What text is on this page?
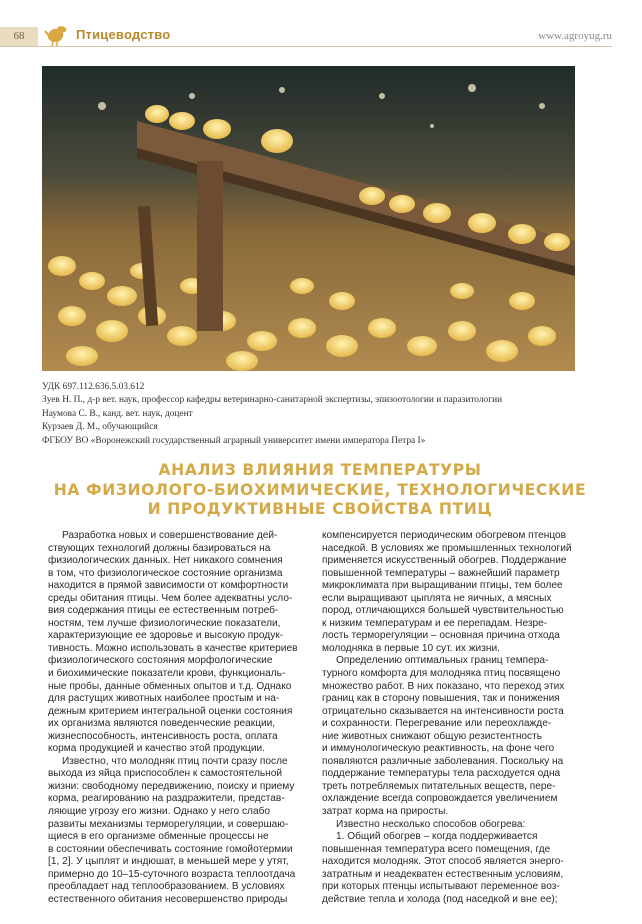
68	Птицеводство	www.agroyug.ru
УДК 697.112.636.5.03.612
Зуев Н. П., д-р вет. наук, профессор кафедры ветеринарно-санитарной экспертизы, эпизоотологии и паразитологии
Наумова С. В., канд. вет. наук, доцент
Курзаев Д. М., обучающийся
ФГБОУ ВО «Воронежский государственный аграрный университет имени императора Петра I»
АНАЛИЗ ВЛИЯНИЯ ТЕМПЕРАТУРЫ
НА ФИЗИОЛОГО-БИОХИМИЧЕСКИЕ, ТЕХНОЛОГИЧЕСКИЕ
И ПРОДУКТИВНЫЕ СВОЙСТВА ПТИЦ
Разработка новых и совершенствование дей-
ствующих технологий должны базироваться на
физиологических данных. Нет никакого сомнения
в том, что физиологическое состояние организма
находится в прямой зависимости от комфортности
среды обитания птицы. Чем более адекватны усло-
вия содержания птицы ее естественным потреб-
ностям, тем лучше физиологические показатели,
характеризующие ее здоровье и высокую продук-
тивность. Можно использовать в качестве критериев
физиологического состояния морфологические
и биохимические показатели крови, функциональ-
ные пробы, данные обменных опытов и т.д. Однако
для растущих животных наиболее простым и на-
дежным критерием интегральной оценки состояния
их организма являются поведенческие реакции,
жизнеспособность, интенсивность роста, оплата
корма продукцией и качество этой продукции.
Известно, что молодняк птиц почти сразу после
выхода из яйца приспособлен к самостоятельной
жизни: свободному передвижению, поиску и приему
корма, реагированию на раздражители, представ-
ляющие угрозу его жизни. Однако у него слабо
развиты механизмы терморегуляции, и совершаю-
щиеся в его организме обменные процессы не
в состоянии обеспечивать состояние гомойотермии
[1, 2]. У цыплят и индюшат, в меньшей мере у утят,
примерно до 10–15-суточного возраста теплоотдача
преобладает над теплообразованием. В условиях
естественного обитания несовершенство природы
компенсируется периодическим обогревом птенцов
наседкой. В условиях же промышленных технологий
применяется искусственный обогрев. Поддержание
повышенной температуры – важнейший параметр
микроклимата при выращивании птицы, тем более
если выращивают цыплята не яичных, а мясных
пород, отличающихся большей чувствительностью
к низким температурам и ее перепадам. Незре-
лость терморегуляции – основная причина отхода
молодняка в первые 10 сут. их жизни.
Определению оптимальных границ темпера-
турного комфорта для молодняка птиц посвящено
множество работ. В них показано, что переход этих
границ как в сторону повышения, так и понижения
отрицательно сказывается на интенсивности роста
и сохранности. Перегревание или переохлажде-
ние животных снижают общую резистентность
и иммунологическую реактивность, на фоне чего
появляются различные заболевания. Поскольку на
поддержание температуры тела расходуется одна
треть потребляемых питательных веществ, пере-
охлаждение всегда сопровождается увеличением
затрат корма на приросты.
Известно несколько способов обогрева:
1. Общий обогрев – когда поддерживается
повышенная температура всего помещения, где
находится молодняк. Этот способ является энерго-
затратным и неадекватен естественным условиям,
при которых птенцы испытывают переменное воз-
действие тепла и холода (под наседкой и вне ее);
